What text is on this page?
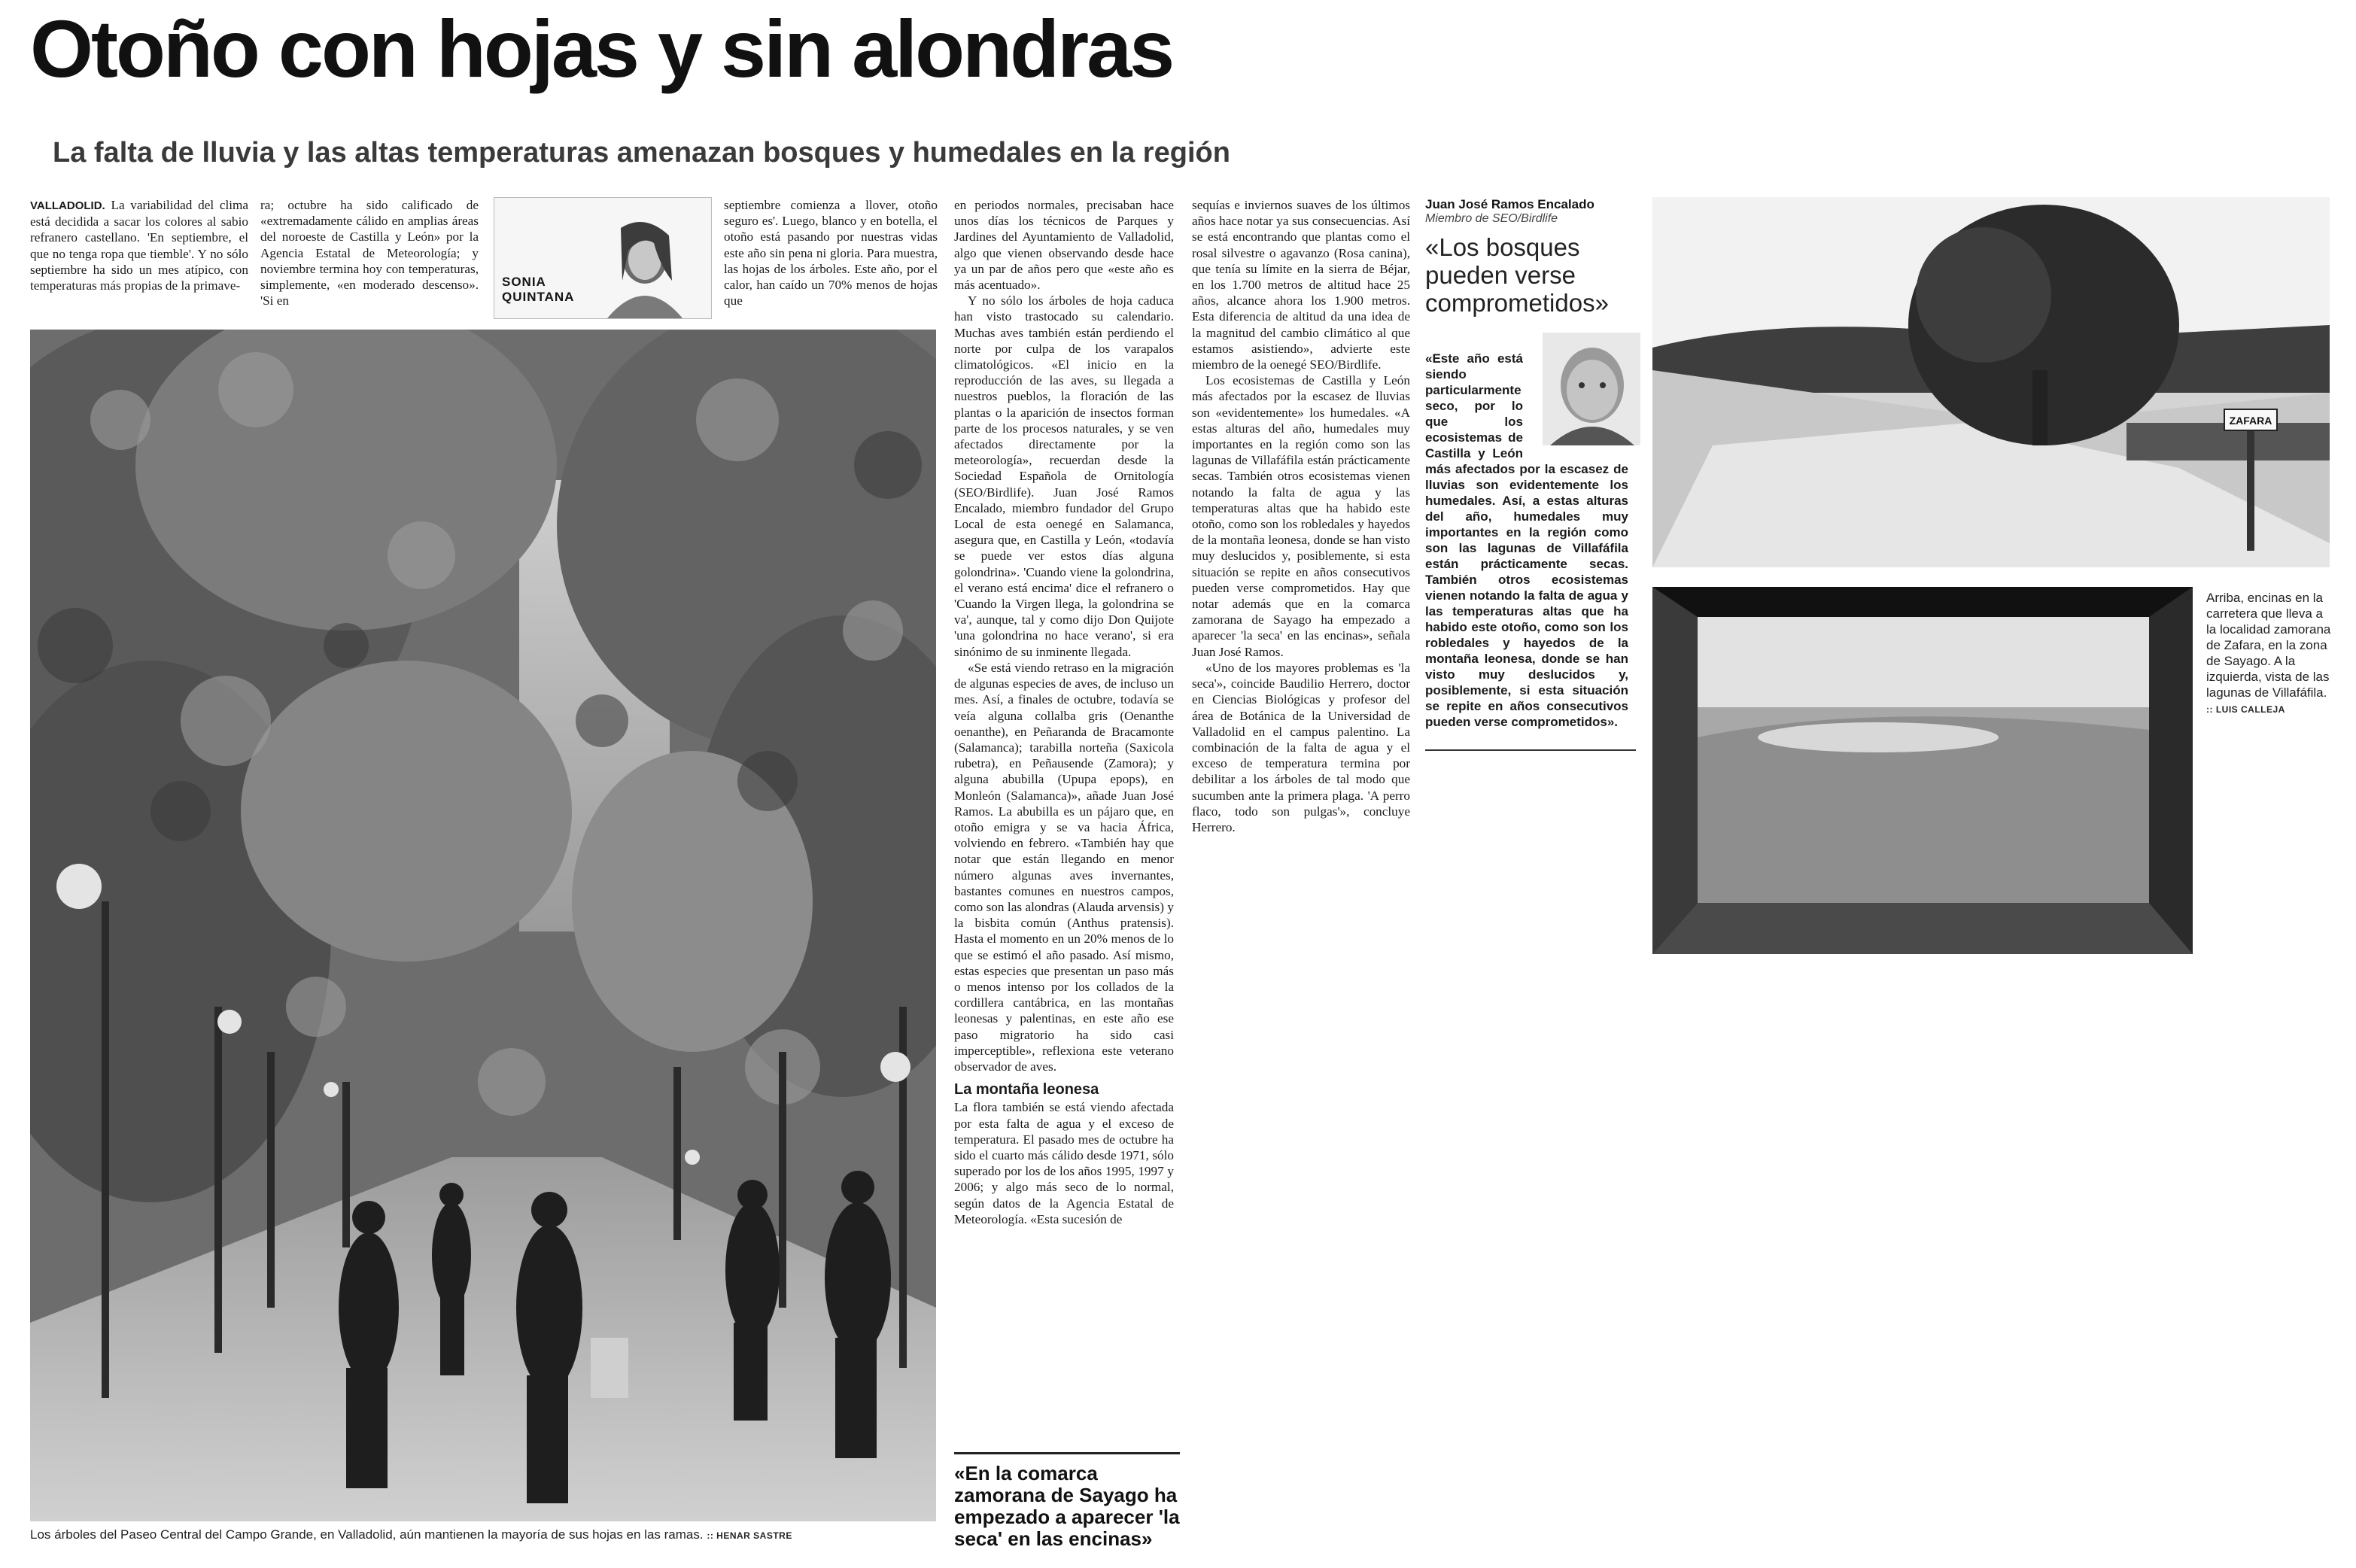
Otoño con hojas y sin alondras
La falta de lluvia y las altas temperaturas amenazan bosques y humedales en la región

VALLADOLID. La variabilidad del clima está decidida a sacar los colores al sabio refranero castellano. 'En septiembre, el que no tenga ropa que tiemble'. Y no sólo septiembre ha sido un mes atípico, con temperaturas más propias de la primave-

ra; octubre ha sido calificado de «extremadamente cálido en amplias áreas del noroeste de Castilla y León» por la Agencia Estatal de Meteorología; y noviembre termina hoy con temperaturas, simplemente, «en moderado descenso». 'Si en

SONIA
QUINTANA

septiembre comienza a llover, otoño seguro es'. Luego, blanco y en botella, el otoño está pasando por nuestras vidas este año sin pena ni gloria. Para muestra, las hojas de los árboles. Este año, por el calor, han caído un 70% menos de hojas que

en periodos normales, precisaban hace unos días los técnicos de Parques y Jardines del Ayuntamiento de Valladolid, algo que vienen observando desde hace ya un par de años pero que «este año es más acentuado».

Y no sólo los árboles de hoja caduca han visto trastocado su calendario. Muchas aves también están perdiendo el norte por culpa de los varapalos climatológicos. «El inicio en la reproducción de las aves, su llegada a nuestros pueblos, la floración de las plantas o la aparición de insectos forman parte de los procesos naturales, y se ven afectados directamente por la meteorología», recuerdan desde la Sociedad Española de Ornitología (SEO/Birdlife). Juan José Ramos Encalado, miembro fundador del Grupo Local de esta oenegé en Salamanca, asegura que, en Castilla y León, «todavía se puede ver estos días alguna golondrina». 'Cuando viene la golondrina, el verano está encima' dice el refranero o 'Cuando la Virgen llega, la golondrina se va', aunque, tal y como dijo Don Quijote 'una golondrina no hace verano', si era sinónimo de su inminente llegada.

«Se está viendo retraso en la migración de algunas especies de aves, de incluso un mes. Así, a finales de octubre, todavía se veía alguna collalba gris (Oenanthe oenanthe), en Peñaranda de Bracamonte (Salamanca); tarabilla norteña (Saxicola rubetra), en Peñausende (Zamora); y alguna abubilla (Upupa epops), en Monleón (Salamanca)», añade Juan José Ramos. La abubilla es un pájaro que, en otoño emigra y se va hacia África, volviendo en febrero. «También hay que notar que están llegando en menor número algunas aves invernantes, bastantes comunes en nuestros campos, como son las alondras (Alauda arvensis) y la bisbita común (Anthus pratensis). Hasta el momento en un 20% menos de lo que se estimó el año pasado. Así mismo, estas especies que presentan un paso más o menos intenso por los collados de la cordillera cantábrica, en las montañas leonesas y palentinas, en este año ese paso migratorio ha sido casi imperceptible», reflexiona este veterano observador de aves.

La montaña leonesa

La flora también se está viendo afectada por esta falta de agua y el exceso de temperatura. El pasado mes de octubre ha sido el cuarto más cálido desde 1971, sólo superado por los de los años 1995, 1997 y 2006; y algo más seco de lo normal, según datos de la Agencia Estatal de Meteorología. «Esta sucesión de

«En la comarca zamorana de Sayago ha empezado a aparecer 'la seca' en las encinas»

sequías e inviernos suaves de los últimos años hace notar ya sus consecuencias. Así se está encontrando que plantas como el rosal silvestre o agavanzo (Rosa canina), que tenía su límite en la sierra de Béjar, en los 1.700 metros de altitud hace 25 años, alcance ahora los 1.900 metros. Esta diferencia de altitud da una idea de la magnitud del cambio climático al que estamos asistiendo», advierte este miembro de la oenegé SEO/Birdlife.

Los ecosistemas de Castilla y León más afectados por la escasez de lluvias son «evidentemente» los humedales. «A estas alturas del año, humedales muy importantes en la región como son las lagunas de Villafáfila están prácticamente secas. También otros ecosistemas vienen notando la falta de agua y las temperaturas altas que ha habido este otoño, como son los robledales y hayedos de la montaña leonesa, donde se han visto muy deslucidos y, posiblemente, si esta situación se repite en años consecutivos pueden verse comprometidos. Hay que notar además que en la comarca zamorana de Sayago ha empezado a aparecer 'la seca' en las encinas», señala Juan José Ramos.

«Uno de los mayores problemas es 'la seca'», coincide Baudilio Herrero, doctor en Ciencias Biológicas y profesor del área de Botánica de la Universidad de Valladolid en el campus palentino. La combinación de la falta de agua y el exceso de temperatura termina por debilitar a los árboles de tal modo que sucumben ante la primera plaga. 'A perro flaco, todo son pulgas'», concluye Herrero.

Los árboles del Paseo Central del Campo Grande, en Valladolid, aún mantienen la mayoría de sus hojas en las ramas. :: HENAR SASTRE
Juan José Ramos Encalado
Miembro de SEO/Birdlife
«Los bosques pueden verse comprometidos»
«Este año está siendo particularmente seco, por lo que los ecosistemas de Castilla y León más afectados por la escasez de lluvias son evidentemente los humedales. Así, a estas alturas del año, humedales muy importantes en la región como son las lagunas de Villafáfila están prácticamente secas. También otros ecosistemas vienen notando la falta de agua y las temperaturas altas que ha habido este otoño, como son los robledales y hayedos de la montaña leonesa, donde se han visto muy deslucidos y, posiblemente, si esta situación se repite en años consecutivos pueden verse comprometidos».
ZAFARA
Arriba, encinas en la carretera que lleva a la localidad zamorana de Zafara, en la zona de Sayago. A la izquierda, vista de las lagunas de Villafáfila. :: LUIS CALLEJA
